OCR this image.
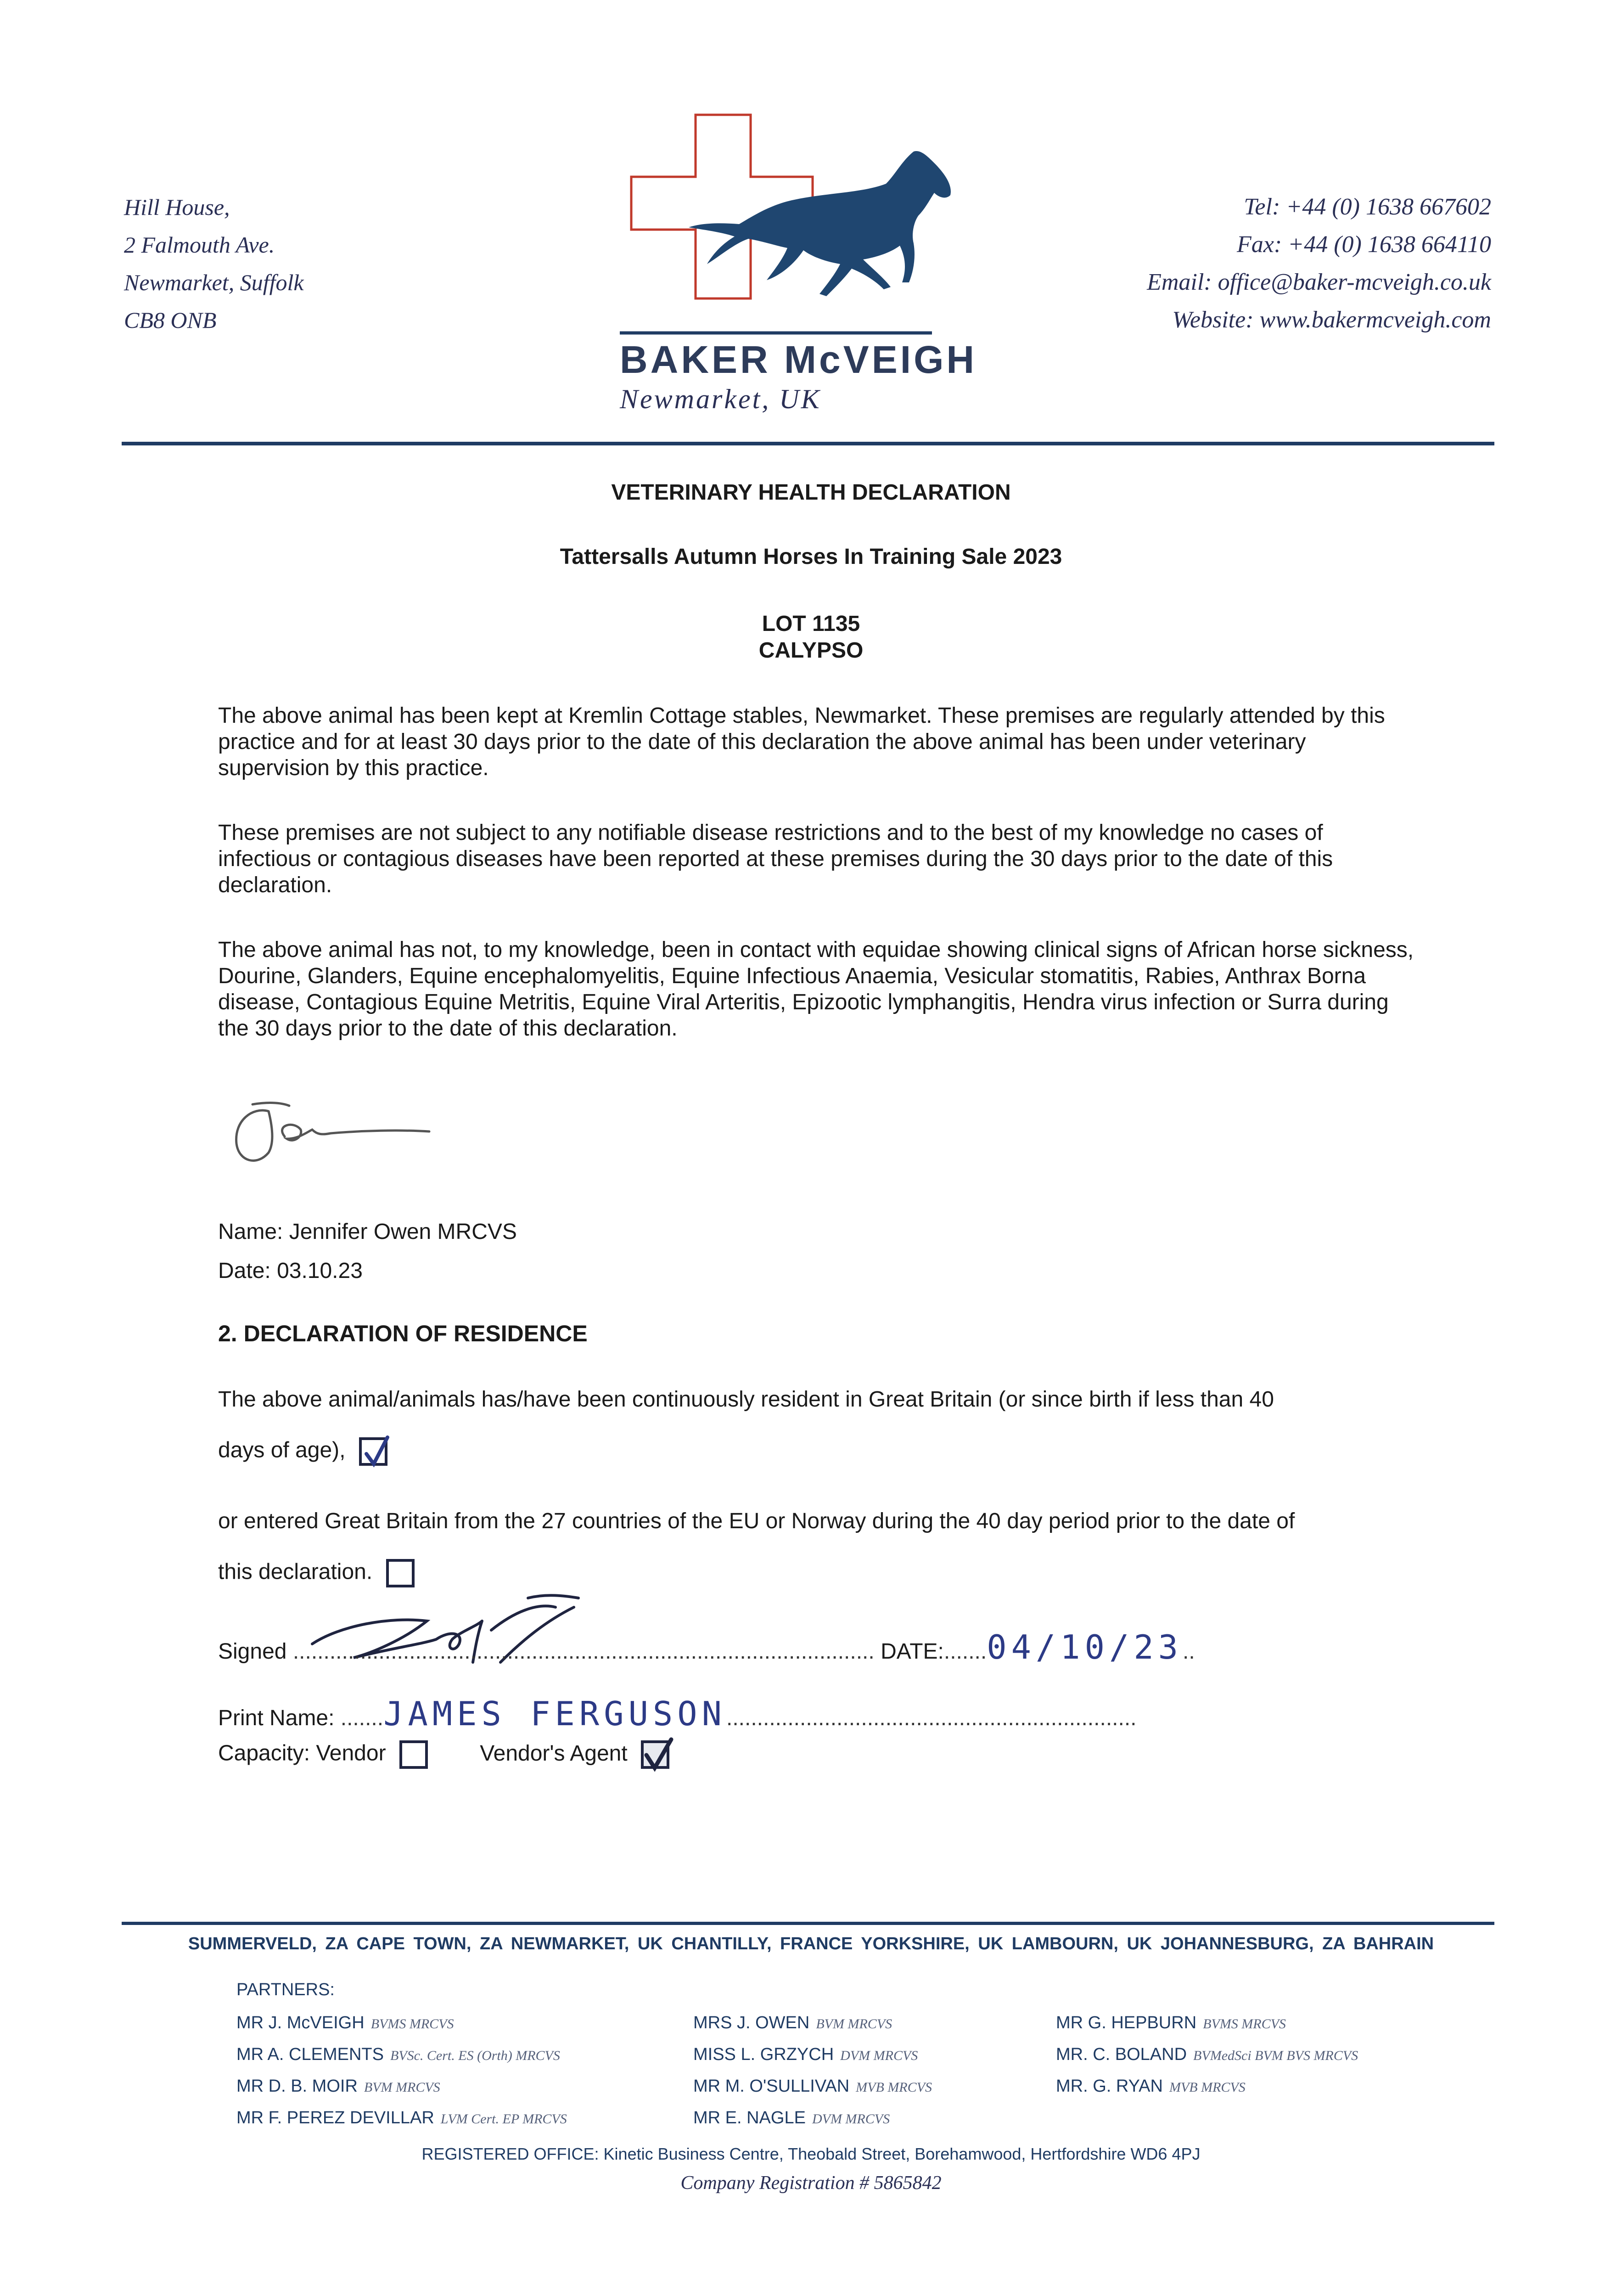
Hill House,
2 Falmouth Ave.
Newmarket, Suffolk
CB8 ONB
BAKER McVEIGH
Newmarket, UK
Tel: +44 (0) 1638 667602
Fax: +44 (0) 1638 664110
Email: office@baker-mcveigh.co.uk
Website: www.bakermcveigh.com
VETERINARY HEALTH DECLARATION
Tattersalls Autumn Horses In Training Sale 2023
LOT 1135
CALYPSO
The above animal has been kept at Kremlin Cottage stables, Newmarket. These premises are regularly attended by this practice and for at least 30 days prior to the date of this declaration the above animal has been under veterinary supervision by this practice.
These premises are not subject to any notifiable disease restrictions and to the best of my knowledge no cases of infectious or contagious diseases have been reported at these premises during the 30 days prior to the date of this declaration.
The above animal has not, to my knowledge, been in contact with equidae showing clinical signs of African horse sickness, Dourine, Glanders, Equine encephalomyelitis, Equine Infectious Anaemia, Vesicular stomatitis, Rabies, Anthrax Borna disease, Contagious Equine Metritis, Equine Viral Arteritis, Epizootic lymphangitis, Hendra virus infection or Surra during the 30 days prior to the date of this declaration.
Name: Jennifer Owen MRCVS
Date: 03.10.23
2. DECLARATION OF RESIDENCE
The above animal/animals has/have been continuously resident in Great Britain (or since birth if less than 40
days of age),
or entered Great Britain from the 27 countries of the EU or Norway during the 40 day period prior to the date of
this declaration.
Signed ............................................................................................... DATE:.......04/10/23..
Print Name: .......JAMES FERGUSON...................................................................
Capacity: Vendor	Vendor's Agent
SUMMERVELD, ZA CAPE TOWN, ZA NEWMARKET, UK CHANTILLY, FRANCE YORKSHIRE, UK LAMBOURN, UK JOHANNESBURG, ZA BAHRAIN
PARTNERS:
MR J. McVEIGH BVMS MRCVS
MR A. CLEMENTS BVSc. Cert. ES (Orth) MRCVS
MR D. B. MOIR BVM MRCVS
MR F. PEREZ DEVILLAR LVM Cert. EP MRCVS
MRS J. OWEN BVM MRCVS
MISS L. GRZYCH DVM MRCVS
MR M. O'SULLIVAN MVB MRCVS
MR E. NAGLE DVM MRCVS
MR G. HEPBURN BVMS MRCVS
MR. C. BOLAND BVMedSci BVM BVS MRCVS
MR. G. RYAN MVB MRCVS
REGISTERED OFFICE: Kinetic Business Centre, Theobald Street, Borehamwood, Hertfordshire WD6 4PJ
Company Registration # 5865842
